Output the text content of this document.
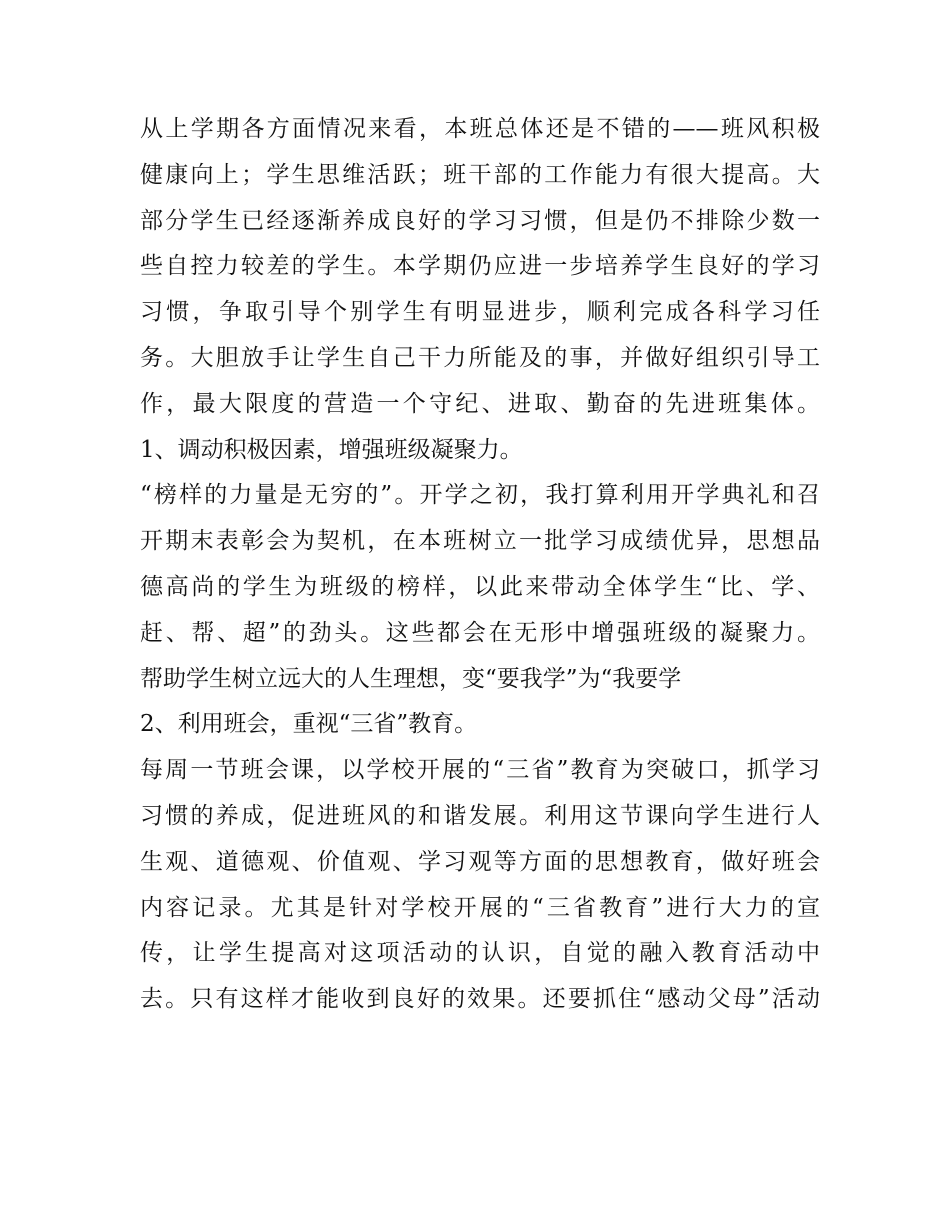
从上学期各方面情况来看，本班总体还是不错的——班风积极
健康向上；学生思维活跃；班干部的工作能力有很大提高。大
部分学生已经逐渐养成良好的学习习惯，但是仍不排除少数一
些自控力较差的学生。本学期仍应进一步培养学生良好的学习
习惯，争取引导个别学生有明显进步，顺利完成各科学习任
务。大胆放手让学生自己干力所能及的事，并做好组织引导工
作，最大限度的营造一个守纪、进取、勤奋的先进班集体。
1、调动积极因素，增强班级凝聚力。
“榜样的力量是无穷的”。开学之初，我打算利用开学典礼和召
开期末表彰会为契机，在本班树立一批学习成绩优异，思想品
德高尚的学生为班级的榜样，以此来带动全体学生“比、学、
赶、帮、超”的劲头。这些都会在无形中增强班级的凝聚力。
帮助学生树立远大的人生理想，变“要我学”为“我要学
2、利用班会，重视“三省”教育。
每周一节班会课，以学校开展的“三省”教育为突破口，抓学习
习惯的养成，促进班风的和谐发展。利用这节课向学生进行人
生观、道德观、价值观、学习观等方面的思想教育，做好班会
内容记录。尤其是针对学校开展的“三省教育”进行大力的宣
传，让学生提高对这项活动的认识，自觉的融入教育活动中
去。只有这样才能收到良好的效果。还要抓住“感动父母”活动
